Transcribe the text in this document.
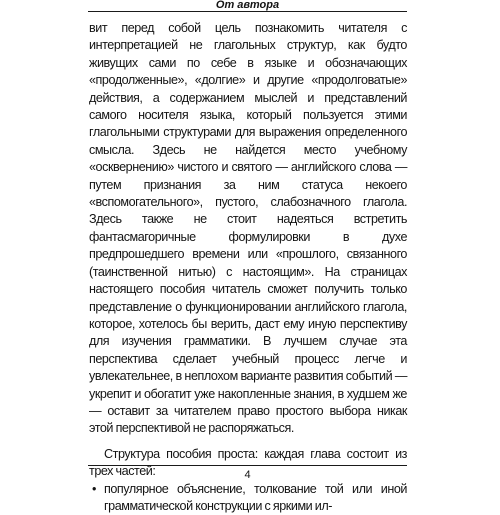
От автора

вит перед собой цель познакомить читателя с интерпретацией не глагольных структур, как будто живущих сами по себе в языке и обозначающих «продолженные», «долгие» и другие «продолговатые» действия, а содержанием мыслей и представлений самого носителя языка, который пользуется этими глагольными структурами для выражения определенного смысла. Здесь не найдется место учебному «осквернению» чистого и святого — английского слова — путем признания за ним статуса некоего «вспомогательного», пустого, слабозначного глагола. Здесь также не стоит надеяться встретить фантасмагоричные формулировки в духе предпрошедшего времени или «прошлого, связанного (таинственной нитью) с настоящим». На страницах настоящего пособия читатель сможет получить только представление о функционировании английского глагола, которое, хотелось бы верить, даст ему иную перспективу для изучения грамматики. В лучшем случае эта перспектива сделает учебный процесс легче и увлекательнее, в неплохом варианте развития событий — укрепит и обогатит уже накопленные знания, в худшем же — оставит за читателем право простого выбора никак этой перспективой не распоряжаться.

Структура пособия проста: каждая глава состоит из трех частей:

• популярное объяснение, толкование той или иной грамматической конструкции с яркими ил-
4
